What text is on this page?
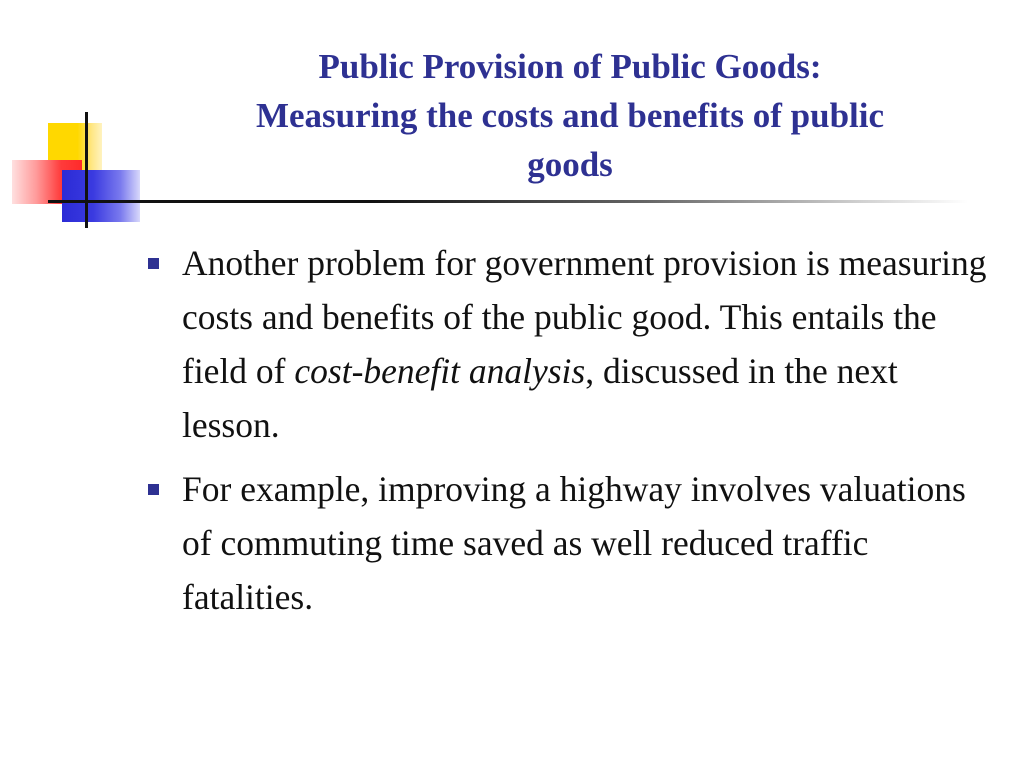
Public Provision of Public Goods:
Measuring the costs and benefits of public
goods
Another problem for government provision is measuring costs and benefits of the public good. This entails the field of cost-benefit analysis, discussed in the next lesson.
For example, improving a highway involves valuations of commuting time saved as well reduced traffic fatalities.
